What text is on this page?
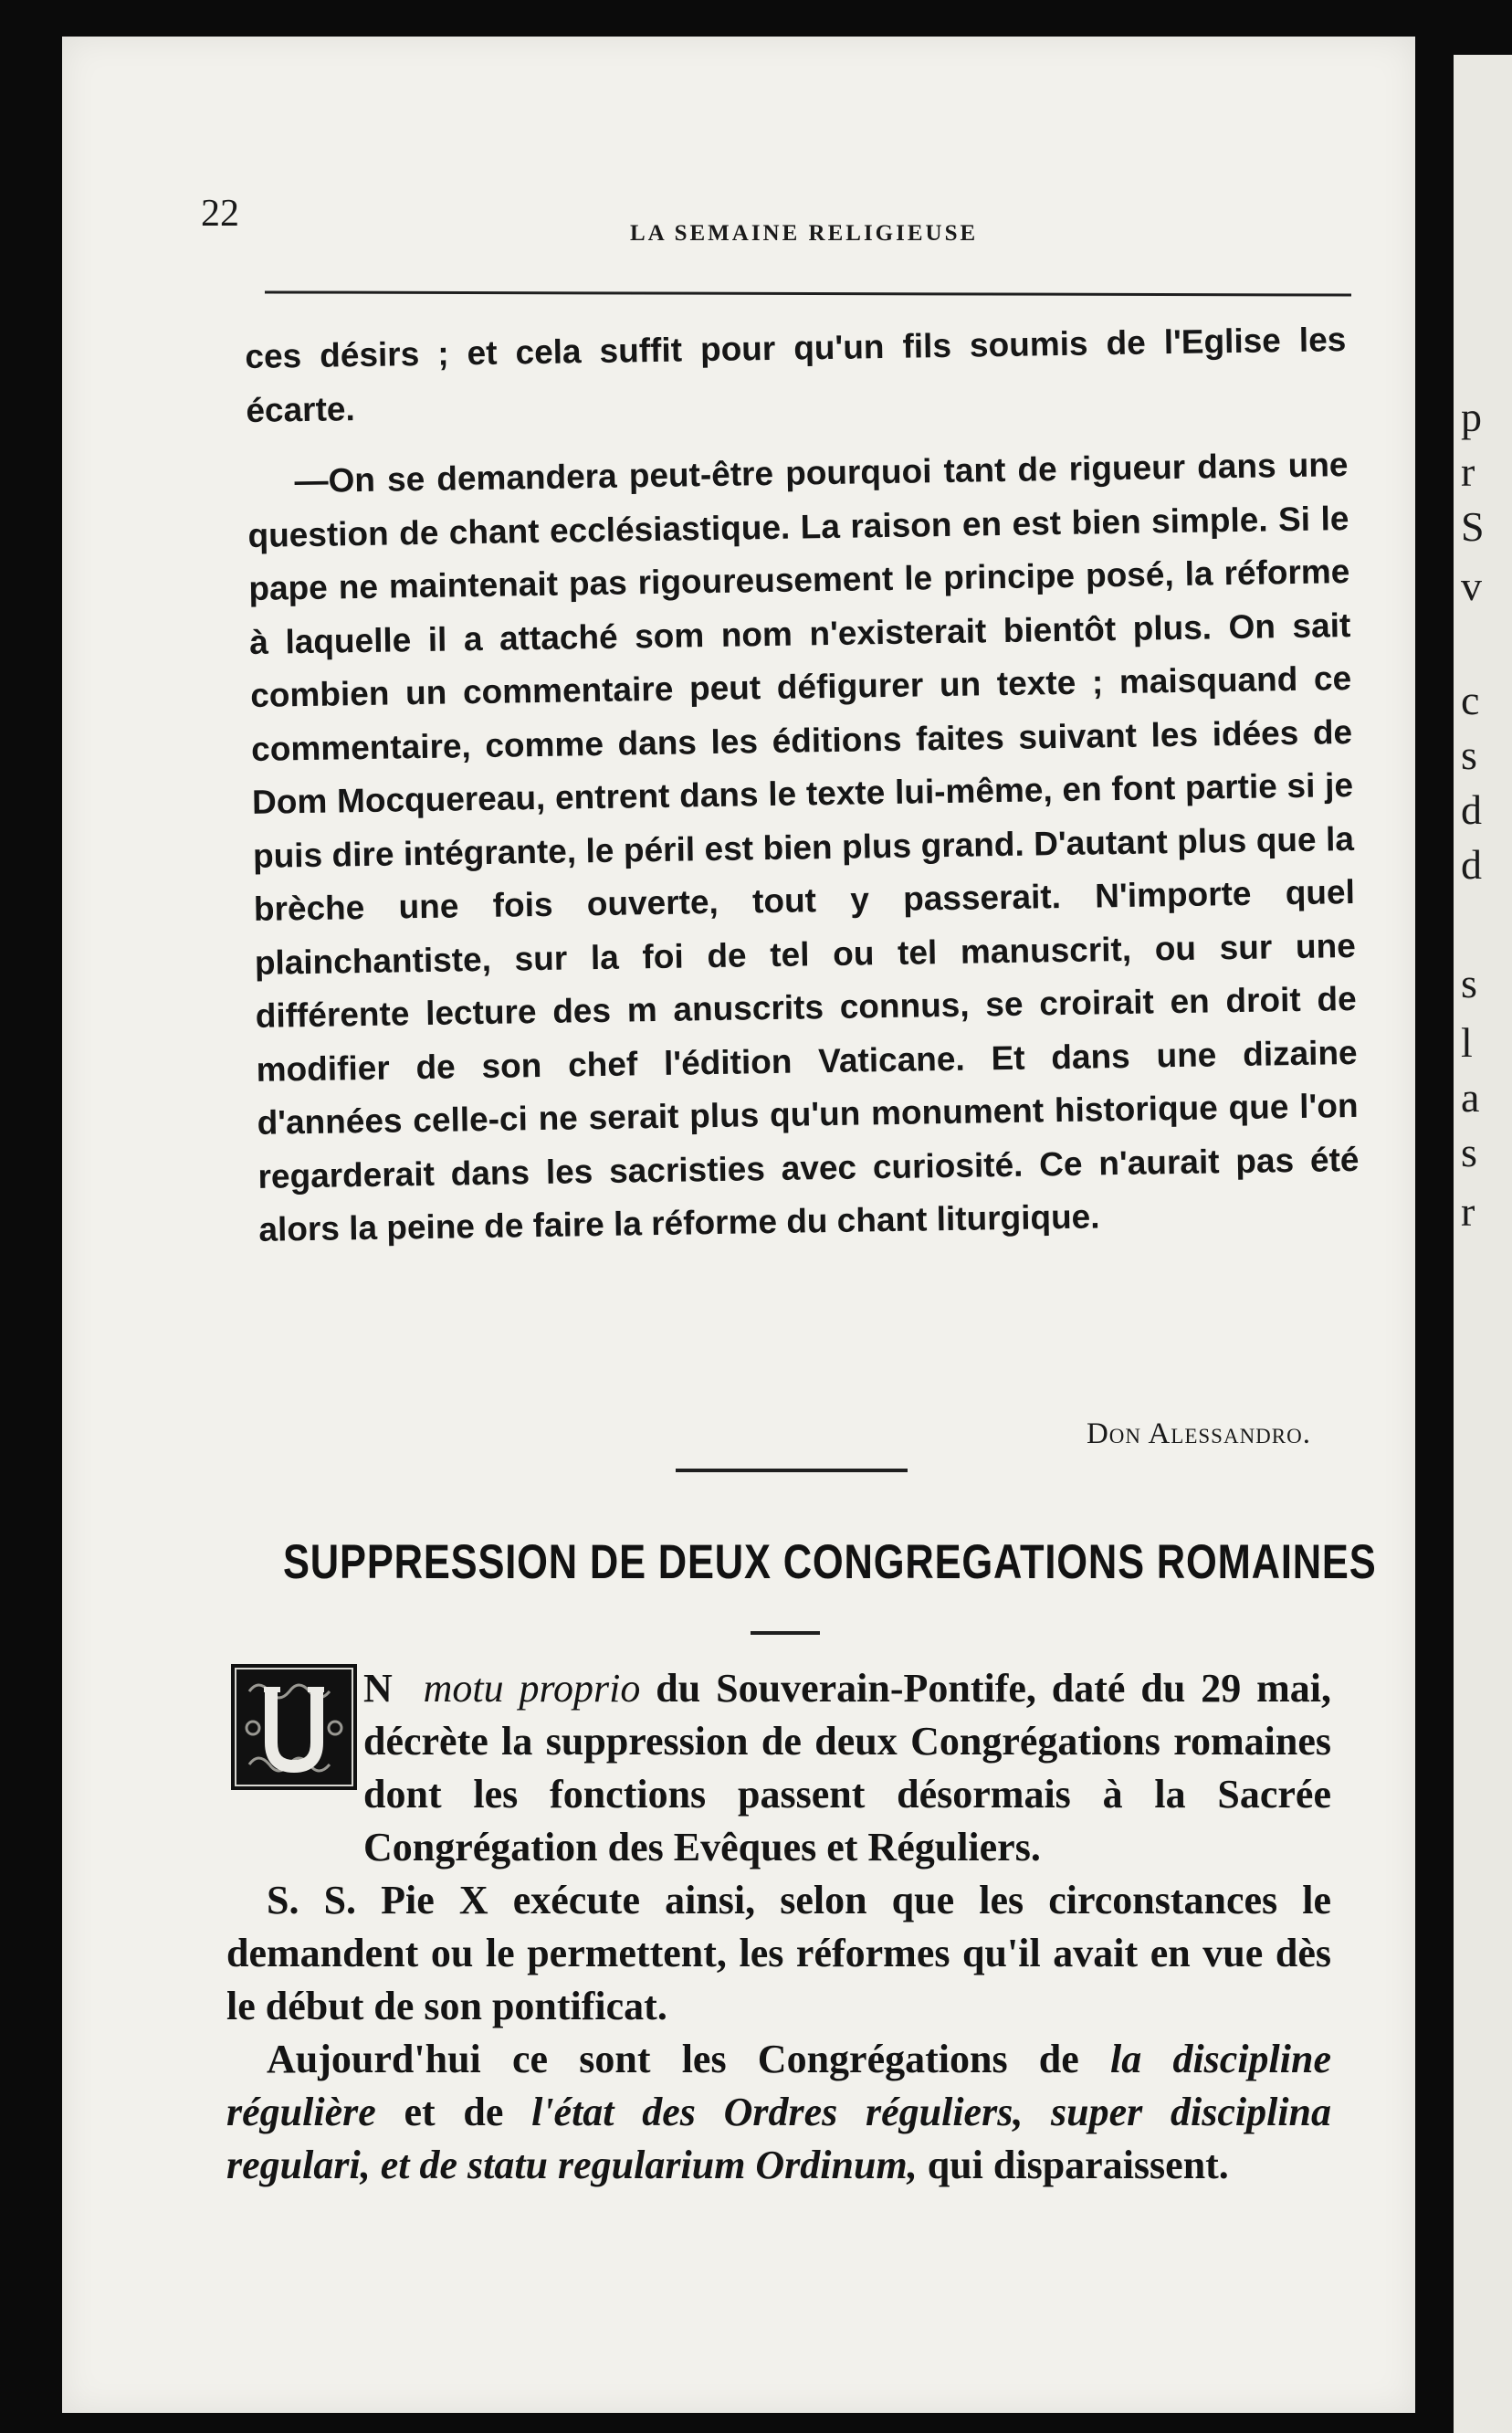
p
r
S
v
c
s
d
d
s
l
a
s
r
22	LA SEMAINE RELIGIEUSE

ces désirs ; et cela suffit pour qu'un fils soumis de l'Eglise les écarte.

—On se demandera peut-être pourquoi tant de rigueur dans une question de chant ecclésiastique. La raison en est bien simple. Si le pape ne maintenait pas rigoureusement le principe posé, la réforme à laquelle il a attaché som nom n'existerait bientôt plus. On sait combien un commentaire peut défigurer un texte ; maisquand ce commentaire, comme dans les éditions faites suivant les idées de Dom Mocquereau, entrent dans le texte lui-même, en font partie si je puis dire intégrante, le péril est bien plus grand. D'autant plus que la brèche une fois ouverte, tout y passerait. N'importe quel plainchantiste, sur la foi de tel ou tel manuscrit, ou sur une différente lecture des m anuscrits connus, se croirait en droit de modifier de son chef l'édition Vaticane. Et dans une dizaine d'années celle-ci ne serait plus qu'un monument historique que l'on regarderait dans les sacristies avec curiosité. Ce n'aurait pas été alors la peine de faire la réforme du chant liturgique.

Don Alessandro.
SUPPRESSION DE DEUX CONGREGATIONS ROMAINES

N motu proprio du Souverain-Pontife, daté du 29 mai, décrète la suppression de deux Congrégations romaines dont les fonctions passent désormais à la Sacrée Congrégation des Evêques et Réguliers.

S. S. Pie X exécute ainsi, selon que les circonstances le demandent ou le permettent, les réformes qu'il avait en vue dès le début de son pontificat.

Aujourd'hui ce sont les Congrégations de la discipline régulière et de l'état des Ordres réguliers, super disciplina regulari, et de statu regularium Ordinum, qui disparaissent.
